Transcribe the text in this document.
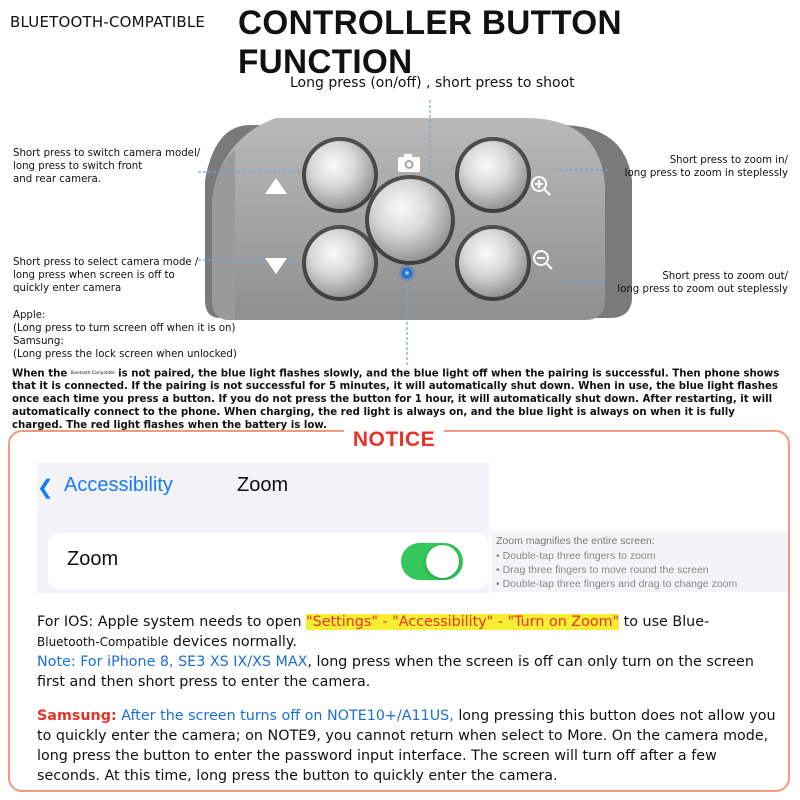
BLUETOOTH-COMPATIBLE CONTROLLER BUTTON FUNCTION
Long press (on/off) , short press to shoot
Short press to switch camera model/
long press to switch front
and rear camera.
Short press to select camera mode /
long press when screen is off to
quickly enter camera
Apple:
(Long press to turn screen off when it is on)
Samsung:
(Long press the lock screen when unlocked)
Short press to zoom in/
long press to zoom in steplessly
Short press to zoom out/
long press to zoom out steplessly
When the Bluetooth-Compatible is not paired, the blue light flashes slowly, and the blue light off when the pairing is successful. Then phone shows that it is connected. If the pairing is not successful for 5 minutes, it will automatically shut down. When in use, the blue light flashes once each time you press a button. If you do not press the button for 1 hour, it will automatically shut down. After restarting, it will automatically connect to the phone. When charging, the red light is always on, and the blue light is always on when it is fully charged. The red light flashes when the battery is low.
NOTICE
❮ Accessibility	Zoom
Zoom
Zoom magnifies the entire screen:
• Double-tap three fingers to zoom
• Drag three fingers to move round the screen
• Double-tap three fingers and drag to change zoom
For IOS: Apple system needs to open "Settings" - "Accessibility" - "Turn on Zoom" to use Blue-
Bluetooth-Compatible devices normally.
Note: For iPhone 8, SE3 XS IX/XS MAX, long press when the screen is off can only turn on the screen first and then short press to enter the camera.
Samsung: After the screen turns off on NOTE10+/A11US, long pressing this button does not allow you to quickly enter the camera; on NOTE9, you cannot return when select to More. On the camera mode, long press the button to enter the password input interface. The screen will turn off after a few seconds. At this time, long press the button to quickly enter the camera.
